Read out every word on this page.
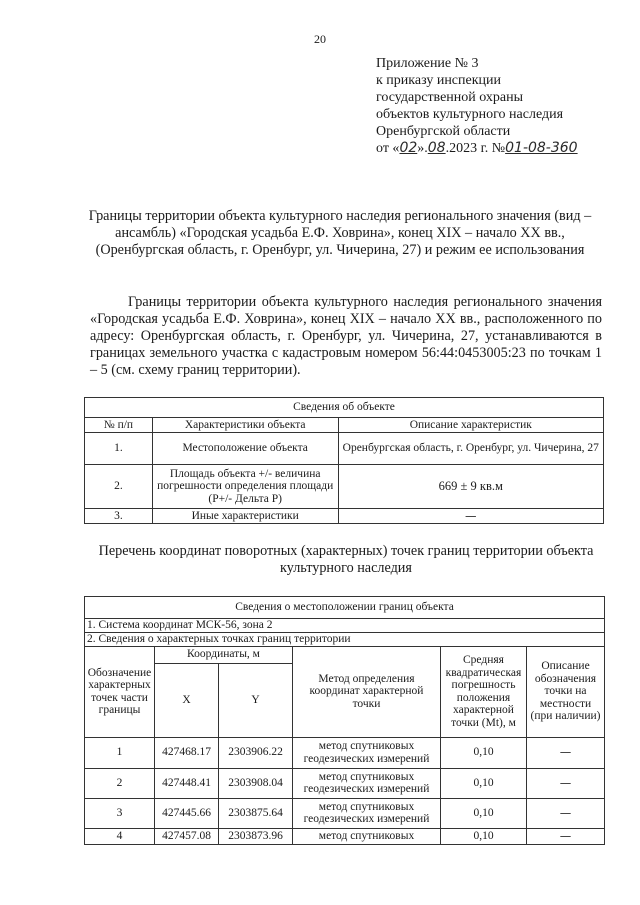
20
Приложение № 3
к приказу инспекции
государственной охраны
объектов культурного наследия
Оренбургской области
от «02».08.2023 г. №01-08-360
Границы территории объекта культурного наследия регионального значения (вид – ансамбль) «Городская усадьба Е.Ф. Ховрина», конец XIX – начало XX вв., (Оренбургская область, г. Оренбург, ул. Чичерина, 27) и режим ее использования
Границы территории объекта культурного наследия регионального значения «Городская усадьба Е.Ф. Ховрина», конец XIX – начало XX вв., расположенного по адресу: Оренбургская область, г. Оренбург, ул. Чичерина, 27, устанавливаются в границах земельного участка с кадастровым номером 56:44:0453005:23 по точкам 1 – 5 (см. схему границ территории).
Сведения об объекте		
№ п/п	Характеристики объекта	Описание характеристик
1.	Местоположение объекта	Оренбургская область, г. Оренбург, ул. Чичерина, 27
2.	Площадь объекта +/- величина погрешности определения площади (P+/- Дельта P)	669 ± 9 кв.м
3.	Иные характеристики	—
Перечень координат поворотных (характерных) точек границ территории объекта культурного наследия
Сведения о местоположении границ объекта					
1. Система координат МСК-56, зона 2					
2. Сведения о характерных точках границ территории					
Обозначение характерных точек части границы	Координаты, м		Метод определения координат характерной точки	Средняя квадратическая погрешность положения характерной точки (Mt), м	Описание обозначения точки на местности (при наличии)
	X	Y			
1	427468.17	2303906.22	метод спутниковых геодезических измерений	0,10	—
2	427448.41	2303908.04	метод спутниковых геодезических измерений	0,10	—
3	427445.66	2303875.64	метод спутниковых геодезических измерений	0,10	—
4	427457.08	2303873.96	метод спутниковых	0,10	—
